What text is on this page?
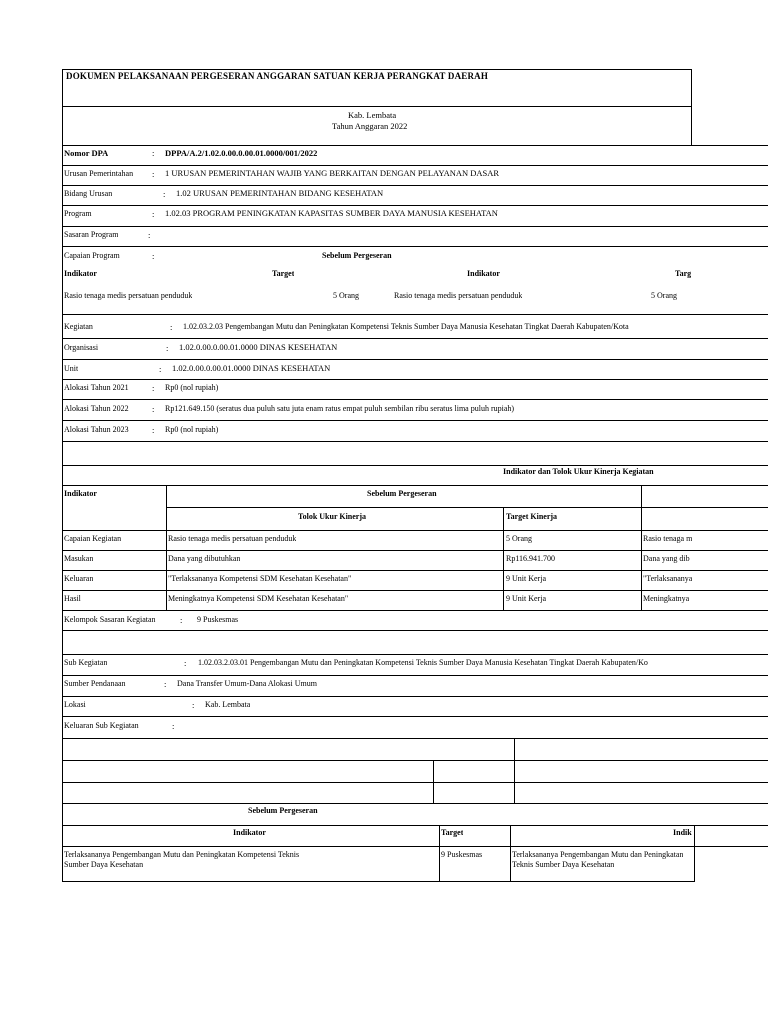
DOKUMEN PELAKSANAAN PERGESERAN ANGGARAN SATUAN KERJA PERANGKAT DAERAH
Kab. Lembata
Tahun Anggaran 2022
Nomor DPA	: DPPA/A.2/1.02.0.00.0.00.01.0000/001/2022
Urusan Pemerintahan : 1 URUSAN PEMERINTAHAN WAJIB YANG BERKAITAN DENGAN PELAYANAN DASAR
Bidang Urusan	: 1.02 URUSAN PEMERINTAHAN BIDANG KESEHATAN
Program	: 1.02.03 PROGRAM PENINGKATAN KAPASITAS SUMBER DAYA MANUSIA KESEHATAN
Sasaran Program	:
Capaian Program	:	Sebelum Pergeseran
Indikator	Target	Indikator	Targ
Rasio tenaga medis persatuan penduduk	5 Orang	Rasio tenaga medis persatuan penduduk	5 Orang
Kegiatan	: 1.02.03.2.03 Pengembangan Mutu dan Peningkatan Kompetensi Teknis Sumber Daya Manusia Kesehatan Tingkat Daerah Kabupaten/Kota
Organisasi	: 1.02.0.00.0.00.01.0000 DINAS KESEHATAN
Unit	: 1.02.0.00.0.00.01.0000 DINAS KESEHATAN
Alokasi Tahun 2021	: Rp0 (nol rupiah)
Alokasi Tahun 2022	: Rp121.649.150 (seratus dua puluh satu juta enam ratus empat puluh sembilan ribu seratus lima puluh rupiah)
Alokasi Tahun 2023	: Rp0 (nol rupiah)
Indikator dan Tolok Ukur Kinerja Kegiatan
Indikator	Sebelum Pergeseran
Tolok Ukur Kinerja	Target Kinerja
Capaian Kegiatan	Rasio tenaga medis persatuan penduduk	5 Orang	Rasio tenaga m
Masukan	Dana yang dibutuhkan	Rp116.941.700	Dana yang dib
Keluaran	"Terlaksananya Kompetensi SDM Kesehatan Kesehatan"	9 Unit Kerja	"Terlaksananya
Hasil	Meningkatnya Kompetensi SDM Kesehatan Kesehatan"	9 Unit Kerja	Meningkatnya
Kelompok Sasaran Kegiatan	: 9 Puskesmas
Sub Kegiatan	: 1.02.03.2.03.01 Pengembangan Mutu dan Peningkatan Kompetensi Teknis Sumber Daya Manusia Kesehatan Tingkat Daerah Kabupaten/Ko
Sumber Pendanaan	: Dana Transfer Umum-Dana Alokasi Umum
Lokasi	: Kab. Lembata
Keluaran Sub Kegiatan	:
Sebelum Pergeseran
Indikator	Target	Indik
Terlaksananya Pengembangan Mutu dan Peningkatan Kompetensi Teknis
Sumber Daya Kesehatan
9 Puskesmas	Terlaksananya Pengembangan Mutu dan Peningkatan
Teknis Sumber Daya Kesehatan
